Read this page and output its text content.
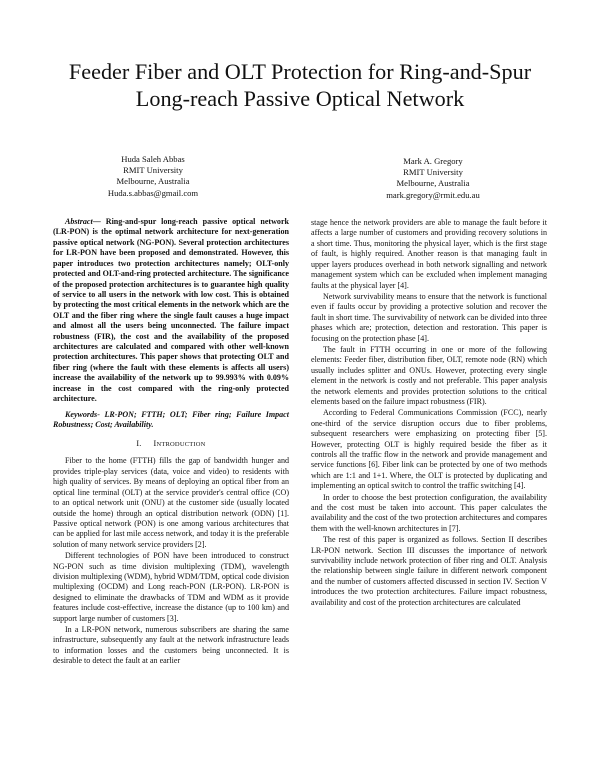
Feeder Fiber and OLT Protection for Ring-and-Spur Long-reach Passive Optical Network
Huda Saleh Abbas
RMIT University
Melbourne, Australia
Huda.s.abbas@gmail.com
Mark A. Gregory
RMIT University
Melbourne, Australia
mark.gregory@rmit.edu.au

Abstract— Ring-and-spur long-reach passive optical network (LR-PON) is the optimal network architecture for next-generation passive optical network (NG-PON). Several protection architectures for LR-PON have been proposed and demonstrated. However, this paper introduces two protection architectures namely; OLT-only protected and OLT-and-ring protected architecture. The significance of the proposed protection architectures is to guarantee high quality of service to all users in the network with low cost. This is obtained by protecting the most critical elements in the network which are the OLT and the fiber ring where the single fault causes a huge impact and almost all the users being unconnected. The failure impact robustness (FIR), the cost and the availability of the proposed architectures are calculated and compared with other well-known protection architectures. This paper shows that protecting OLT and fiber ring (where the fault with these elements is affects all users) increase the availability of the network up to 99.993% with 0.09% increase in the cost compared with the ring-only protected architecture.

Keywords- LR-PON; FTTH; OLT; Fiber ring; Failure Impact Robustness; Cost; Availability.

I. INTRODUCTION

Fiber to the home (FTTH) fills the gap of bandwidth hunger and provides triple-play services (data, voice and video) to residents with high quality of services. By means of deploying an optical fiber from an optical line terminal (OLT) at the service provider's central office (CO) to an optical network unit (ONU) at the customer side (usually located outside the home) through an optical distribution network (ODN) [1]. Passive optical network (PON) is one among various architectures that can be applied for last mile access network, and today it is the preferable solution of many network service providers [2].

Different technologies of PON have been introduced to construct NG-PON such as time division multiplexing (TDM), wavelength division multiplexing (WDM), hybrid WDM/TDM, optical code division multiplexing (OCDM) and Long reach-PON (LR-PON). LR-PON is designed to eliminate the drawbacks of TDM and WDM as it provide features include cost-effective, increase the distance (up to 100 km) and support large number of customers [3].

In a LR-PON network, numerous subscribers are sharing the same infrastructure, subsequently any fault at the network infrastructure leads to information losses and the customers being unconnected. It is desirable to detect the fault at an earlier

stage hence the network providers are able to manage the fault before it affects a large number of customers and providing recovery solutions in a short time. Thus, monitoring the physical layer, which is the first stage of fault, is highly required. Another reason is that managing fault in upper layers produces overhead in both network signalling and network management system which can be excluded when implement managing faults at the physical layer [4].

Network survivability means to ensure that the network is functional even if faults occur by providing a protective solution and recover the fault in short time. The survivability of network can be divided into three phases which are; protection, detection and restoration. This paper is focusing on the protection phase [4].

The fault in FTTH occurring in one or more of the following elements: Feeder fiber, distribution fiber, OLT, remote node (RN) which usually includes splitter and ONUs. However, protecting every single element in the network is costly and not preferable. This paper analysis the network elements and provides protection solutions to the critical elements based on the failure impact robustness (FIR).

According to Federal Communications Commission (FCC), nearly one-third of the service disruption occurs due to fiber problems, subsequent researchers were emphasizing on protecting fiber [5]. However, protecting OLT is highly required beside the fiber as it controls all the traffic flow in the network and provide management and service functions [6]. Fiber link can be protected by one of two methods which are 1:1 and 1+1. Where, the OLT is protected by duplicating and implementing an optical switch to control the traffic switching [4].

In order to choose the best protection configuration, the availability and the cost must be taken into account. This paper calculates the availability and the cost of the two protection architectures and compares them with the well-known architectures in [7].

The rest of this paper is organized as follows. Section II describes LR-PON network. Section III discusses the importance of network survivability include network protection of fiber ring and OLT. Analysis the relationship between single failure in different network component and the number of customers affected discussed in section IV. Section V introduces the two protection architectures. Failure impact robustness, availability and cost of the protection architectures are calculated
